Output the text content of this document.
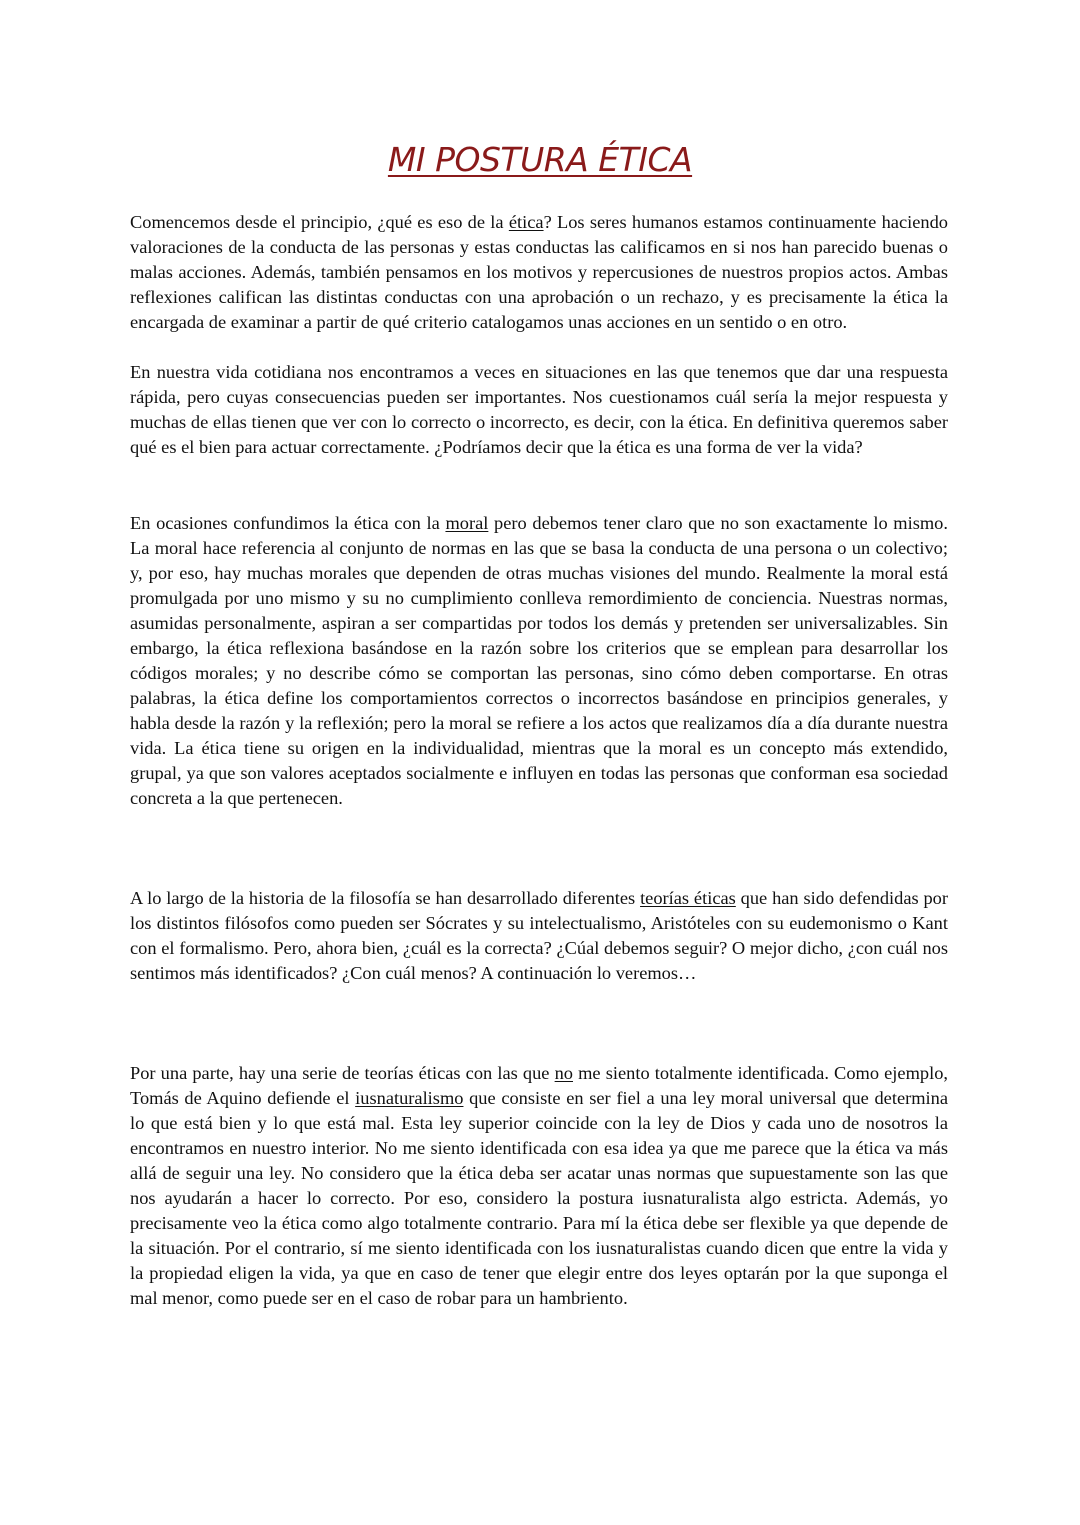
MI POSTURA ÉTICA

Comencemos desde el principio, ¿qué es eso de la ética? Los seres humanos estamos continuamente haciendo valoraciones de la conducta de las personas y estas conductas las calificamos en si nos han parecido buenas o malas acciones. Además, también pensamos en los motivos y repercusiones de nuestros propios actos. Ambas reflexiones califican las distintas conductas con una aprobación o un rechazo, y es precisamente la ética la encargada de examinar a partir de qué criterio catalogamos unas acciones en un sentido o en otro.

En nuestra vida cotidiana nos encontramos a veces en situaciones en las que tenemos que dar una respuesta rápida, pero cuyas consecuencias pueden ser importantes. Nos cuestionamos cuál sería la mejor respuesta y muchas de ellas tienen que ver con lo correcto o incorrecto, es decir, con la ética. En definitiva queremos saber qué es el bien para actuar correctamente. ¿Podríamos decir que la ética es una forma de ver la vida?

En ocasiones confundimos la ética con la moral pero debemos tener claro que no son exactamente lo mismo. La moral hace referencia al conjunto de normas en las que se basa la conducta de una persona o un colectivo; y, por eso, hay muchas morales que dependen de otras muchas visiones del mundo. Realmente la moral está promulgada por uno mismo y su no cumplimiento conlleva remordimiento de conciencia. Nuestras normas, asumidas personalmente, aspiran a ser compartidas por todos los demás y pretenden ser universalizables. Sin embargo, la ética reflexiona basándose en la razón sobre los criterios que se emplean para desarrollar los códigos morales; y no describe cómo se comportan las personas, sino cómo deben comportarse. En otras palabras, la ética define los comportamientos correctos o incorrectos basándose en principios generales, y habla desde la razón y la reflexión; pero la moral se refiere a los actos que realizamos día a día durante nuestra vida. La ética tiene su origen en la individualidad, mientras que la moral es un concepto más extendido, grupal, ya que son valores aceptados socialmente e influyen en todas las personas que conforman esa sociedad concreta a la que pertenecen.

A lo largo de la historia de la filosofía se han desarrollado diferentes teorías éticas que han sido defendidas por los distintos filósofos como pueden ser Sócrates y su intelectualismo, Aristóteles con su eudemonismo o Kant con el formalismo. Pero, ahora bien, ¿cuál es la correcta? ¿Cúal debemos seguir? O mejor dicho, ¿con cuál nos sentimos más identificados? ¿Con cuál menos? A continuación lo veremos…

Por una parte, hay una serie de teorías éticas con las que no me siento totalmente identificada. Como ejemplo, Tomás de Aquino defiende el iusnaturalismo que consiste en ser fiel a una ley moral universal que determina lo que está bien y lo que está mal. Esta ley superior coincide con la ley de Dios y cada uno de nosotros la encontramos en nuestro interior. No me siento identificada con esa idea ya que me parece que la ética va más allá de seguir una ley. No considero que la ética deba ser acatar unas normas que supuestamente son las que nos ayudarán a hacer lo correcto. Por eso, considero la postura iusnaturalista algo estricta. Además, yo precisamente veo la ética como algo totalmente contrario. Para mí la ética debe ser flexible ya que depende de la situación. Por el contrario, sí me siento identificada con los iusnaturalistas cuando dicen que entre la vida y la propiedad eligen la vida, ya que en caso de tener que elegir entre dos leyes optarán por la que suponga el mal menor, como puede ser en el caso de robar para un hambriento.
